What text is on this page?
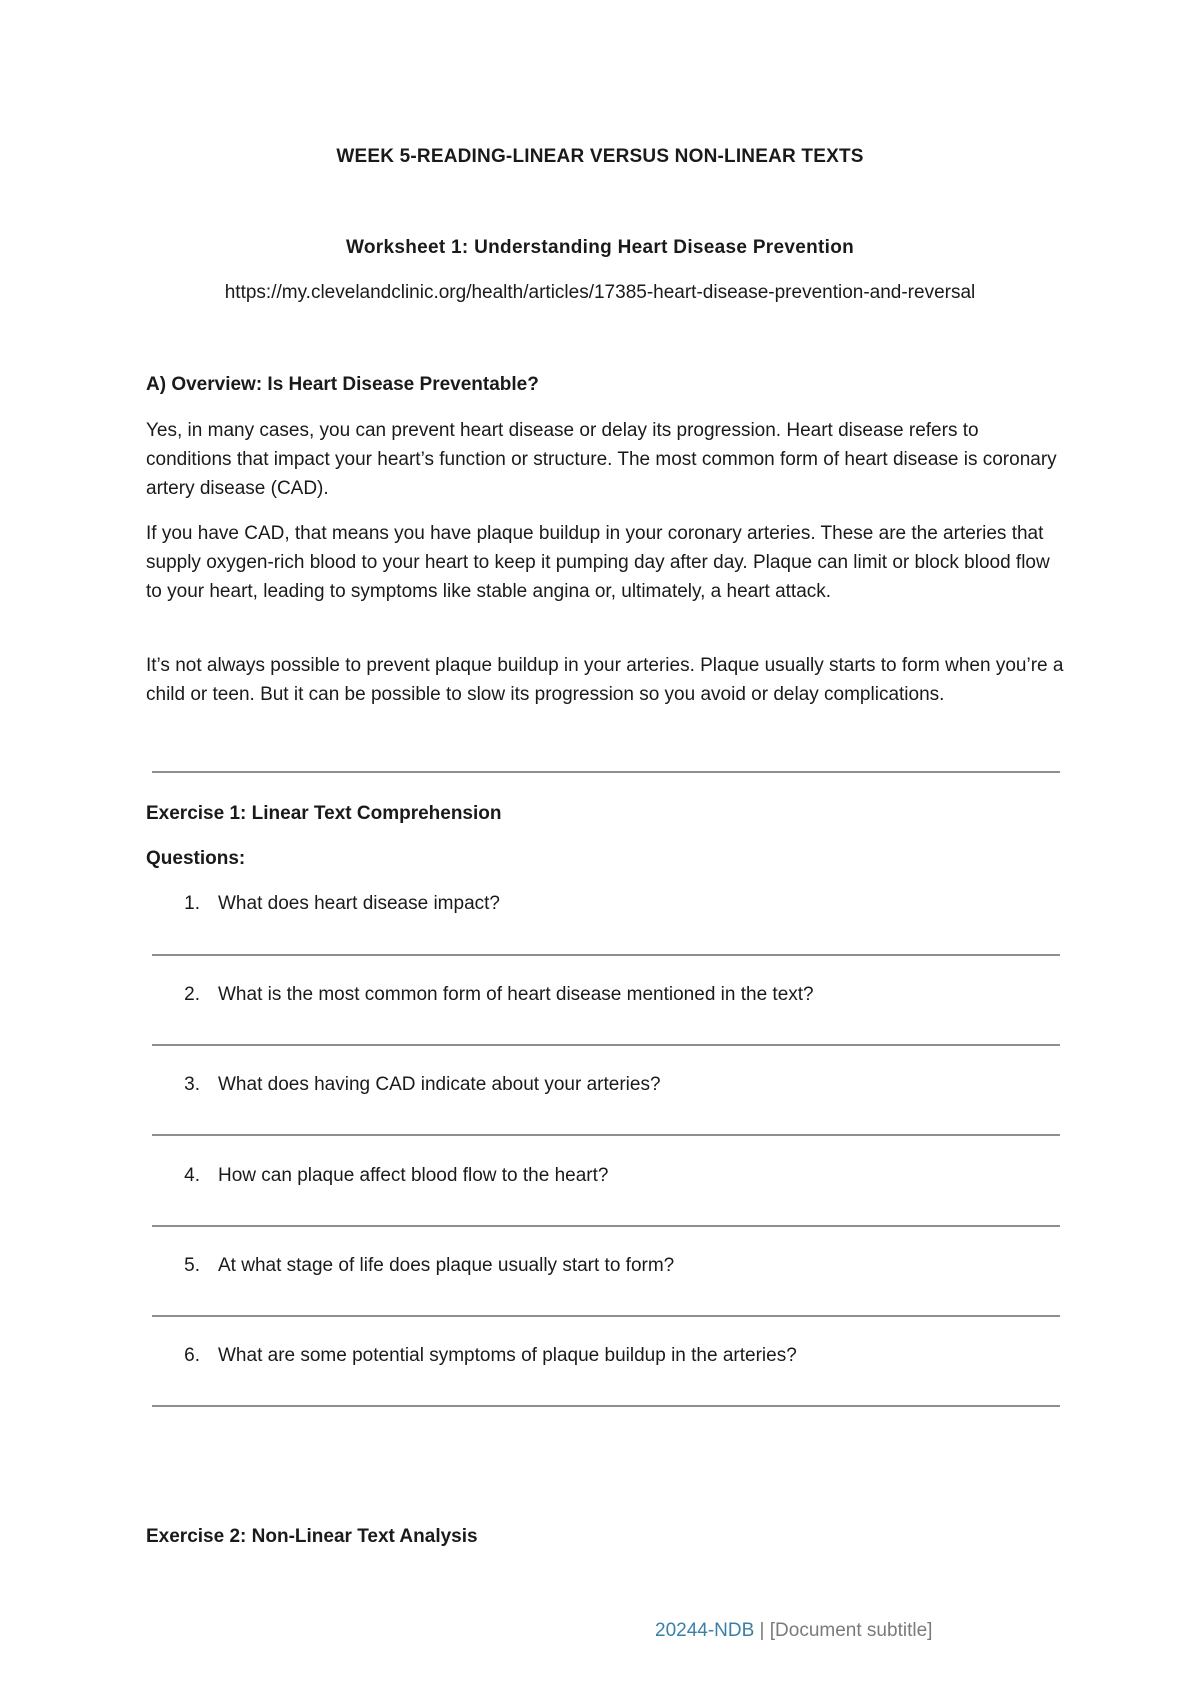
WEEK 5-READING-LINEAR VERSUS NON-LINEAR TEXTS
Worksheet 1: Understanding Heart Disease Prevention
https://my.clevelandclinic.org/health/articles/17385-heart-disease-prevention-and-reversal
A) Overview: Is Heart Disease Preventable?

Yes, in many cases, you can prevent heart disease or delay its progression. Heart disease refers to conditions that impact your heart’s function or structure. The most common form of heart disease is coronary artery disease (CAD).

If you have CAD, that means you have plaque buildup in your coronary arteries. These are the arteries that supply oxygen-rich blood to your heart to keep it pumping day after day. Plaque can limit or block blood flow to your heart, leading to symptoms like stable angina or, ultimately, a heart attack.

It’s not always possible to prevent plaque buildup in your arteries. Plaque usually starts to form when you’re a child or teen. But it can be possible to slow its progression so you avoid or delay complications.

Exercise 1: Linear Text Comprehension
Questions:
1. What does heart disease impact?
2. What is the most common form of heart disease mentioned in the text?
3. What does having CAD indicate about your arteries?
4. How can plaque affect blood flow to the heart?
5. At what stage of life does plaque usually start to form?
6. What are some potential symptoms of plaque buildup in the arteries?
Exercise 2: Non-Linear Text Analysis
20244-NDB | [Document subtitle]
